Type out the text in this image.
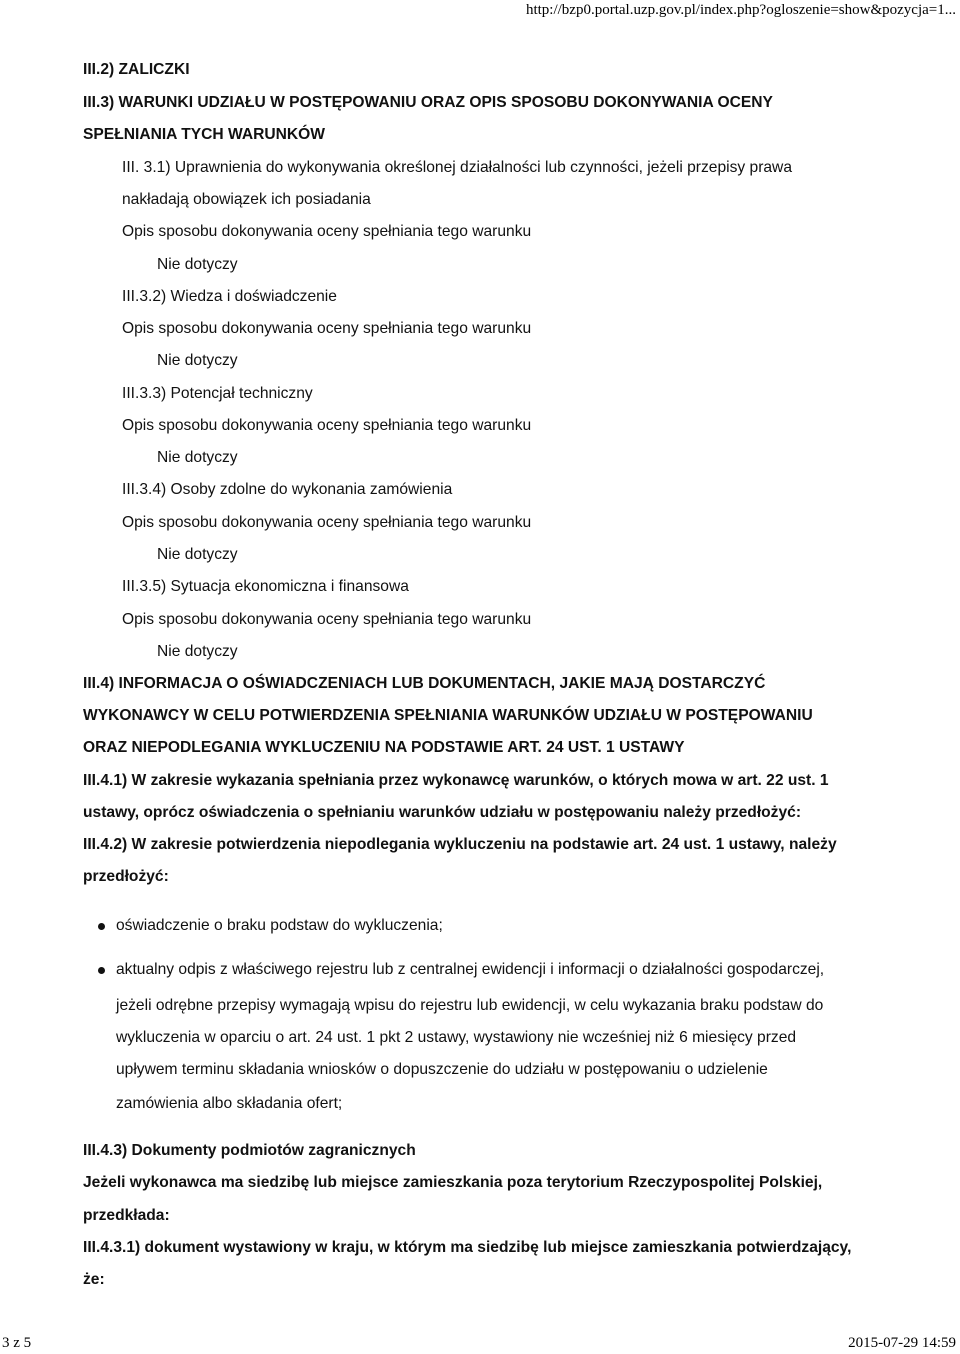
http://bzp0.portal.uzp.gov.pl/index.php?ogloszenie=show&pozycja=1...
III.2) ZALICZKI
III.3) WARUNKI UDZIAŁU W POSTĘPOWANIU ORAZ OPIS SPOSOBU DOKONYWANIA OCENY
SPEŁNIANIA TYCH WARUNKÓW
III. 3.1) Uprawnienia do wykonywania określonej działalności lub czynności, jeżeli przepisy prawa
nakładają obowiązek ich posiadania
Opis sposobu dokonywania oceny spełniania tego warunku
Nie dotyczy
III.3.2) Wiedza i doświadczenie
Opis sposobu dokonywania oceny spełniania tego warunku
Nie dotyczy
III.3.3) Potencjał techniczny
Opis sposobu dokonywania oceny spełniania tego warunku
Nie dotyczy
III.3.4) Osoby zdolne do wykonania zamówienia
Opis sposobu dokonywania oceny spełniania tego warunku
Nie dotyczy
III.3.5) Sytuacja ekonomiczna i finansowa
Opis sposobu dokonywania oceny spełniania tego warunku
Nie dotyczy
III.4) INFORMACJA O OŚWIADCZENIACH LUB DOKUMENTACH, JAKIE MAJĄ DOSTARCZYĆ
WYKONAWCY W CELU POTWIERDZENIA SPEŁNIANIA WARUNKÓW UDZIAŁU W POSTĘPOWANIU
ORAZ NIEPODLEGANIA WYKLUCZENIU NA PODSTAWIE ART. 24 UST. 1 USTAWY
III.4.1) W zakresie wykazania spełniania przez wykonawcę warunków, o których mowa w art. 22 ust. 1
ustawy, oprócz oświadczenia o spełnianiu warunków udziału w postępowaniu należy przedłożyć:
III.4.2) W zakresie potwierdzenia niepodlegania wykluczeniu na podstawie art. 24 ust. 1 ustawy, należy
przedłożyć:
oświadczenie o braku podstaw do wykluczenia;
aktualny odpis z właściwego rejestru lub z centralnej ewidencji i informacji o działalności gospodarczej,
jeżeli odrębne przepisy wymagają wpisu do rejestru lub ewidencji, w celu wykazania braku podstaw do
wykluczenia w oparciu o art. 24 ust. 1 pkt 2 ustawy, wystawiony nie wcześniej niż 6 miesięcy przed
upływem terminu składania wniosków o dopuszczenie do udziału w postępowaniu o udzielenie
zamówienia albo składania ofert;
III.4.3) Dokumenty podmiotów zagranicznych
Jeżeli wykonawca ma siedzibę lub miejsce zamieszkania poza terytorium Rzeczypospolitej Polskiej,
przedkłada:
III.4.3.1) dokument wystawiony w kraju, w którym ma siedzibę lub miejsce zamieszkania potwierdzający,
że:
3 z 5	2015-07-29 14:59
